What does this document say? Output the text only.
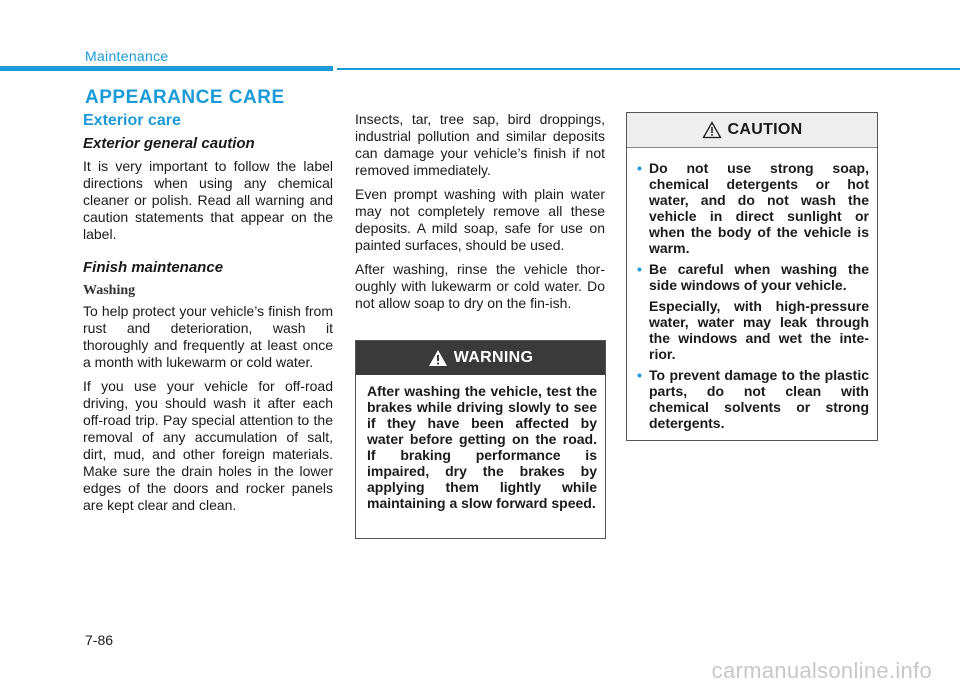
Maintenance
APPEARANCE CARE
Exterior care
Exterior general caution

It is very important to follow the label directions when using any chemical cleaner or polish. Read all warning and caution statements that appear on the label.

Finish maintenance
Washing

To help protect your vehicle’s finish from rust and deterioration, wash it thoroughly and frequently at least once a month with lukewarm or cold water.

If you use your vehicle for off-road driving, you should wash it after each off-road trip. Pay special attention to the removal of any accumulation of salt, dirt, mud, and other foreign materials. Make sure the drain holes in the lower edges of the doors and rocker panels are kept clear and clean.

Insects, tar, tree sap, bird droppings, industrial pollution and similar deposits can damage your vehicle’s finish if not removed immediately.

Even prompt washing with plain water may not completely remove all these deposits. A mild soap, safe for use on painted surfaces, should be used.

After washing, rinse the vehicle thor-oughly with lukewarm or cold water. Do not allow soap to dry on the fin-ish.

WARNING
After washing the vehicle, test the brakes while driving slowly to see if they have been affected by water before getting on the road. If braking performance is impaired, dry the brakes by applying them lightly while maintaining a slow forward speed.
CAUTION
• Do not use strong soap, chemical detergents or hot water, and do not wash the vehicle in direct sunlight or when the body of the vehicle is warm.

• Be careful when washing the side windows of your vehicle.

Especially, with high-pressure water, water may leak through the windows and wet the inte-rior.

• To prevent damage to the plastic parts, do not clean with chemical solvents or strong detergents.

7-86
carmanualsonline.info
